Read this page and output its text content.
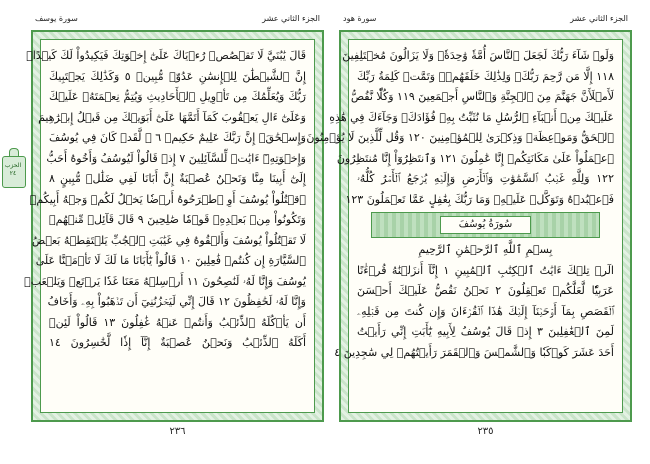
الجزء الثاني عشر
سورة يوسف
قَالَ يَٰبُنَيَّ لَا تَقۡصُصۡ رُءۡيَاكَ عَلَىٰٓ إِخۡوَتِكَ فَيَكِيدُواْ لَكَ كَيۡدًاۖ
إِنَّ ٱلشَّيۡطَٰنَ لِلۡإِنسَٰنِ عَدُوّٞ مُّبِينٞ ٥ وَكَذَٰلِكَ يَجۡتَبِيكَ
رَبُّكَ وَيُعَلِّمُكَ مِن تَأۡوِيلِ ٱلۡأَحَادِيثِ وَيُتِمُّ نِعۡمَتَهُۥ عَلَيۡكَ
وَعَلَىٰٓ ءَالِ يَعۡقُوبَ كَمَآ أَتَمَّهَا عَلَىٰٓ أَبَوَيۡكَ مِن قَبۡلُ إِبۡرَٰهِيمَ
وَإِسۡحَٰقَۚ إِنَّ رَبَّكَ عَلِيمٌ حَكِيمٞ ٦ ۞ لَّقَدۡ كَانَ فِي يُوسُفَ
وَإِخۡوَتِهِۦٓ ءَايَٰتٞ لِّلسَّآئِلِينَ ٧ إِذۡ قَالُواْ لَيُوسُفُ وَأَخُوهُ أَحَبُّ
إِلَىٰٓ أَبِينَا مِنَّا وَنَحۡنُ عُصۡبَةٌ إِنَّ أَبَانَا لَفِي ضَلَٰلٖ مُّبِينٍ ٨
ٱقۡتُلُواْ يُوسُفَ أَوِ ٱطۡرَحُوهُ أَرۡضٗا يَخۡلُ لَكُمۡ وَجۡهُ أَبِيكُمۡ
وَتَكُونُواْ مِنۢ بَعۡدِهِۦ قَوۡمٗا صَٰلِحِينَ ٩ قَالَ قَآئِلٞ مِّنۡهُمۡ
لَا تَقۡتُلُواْ يُوسُفَ وَأَلۡقُوهُ فِي غَيَٰبَتِ ٱلۡجُبِّ يَلۡتَقِطۡهُ بَعۡضُ
ٱلسَّيَّارَةِ إِن كُنتُمۡ فَٰعِلِينَ ١٠ قَالُواْ يَٰٓأَبَانَا مَا لَكَ لَا تَأۡمَ۫نَّا عَلَىٰ
يُوسُفَ وَإِنَّا لَهُۥ لَنَٰصِحُونَ ١١ أَرۡسِلۡهُ مَعَنَا غَدٗا يَرۡتَعۡ وَيَلۡعَبۡ
وَإِنَّا لَهُۥ لَحَٰفِظُونَ ١٢ قَالَ إِنِّي لَيَحۡزُنُنِيٓ أَن تَذۡهَبُواْ بِهِۦ وَأَخَافُ
أَن يَأۡكُلَهُ ٱلذِّئۡبُ وَأَنتُمۡ عَنۡهُ غَٰفِلُونَ ١٣ قَالُواْ لَئِنۡ
أَكَلَهُ ٱلذِّئۡبُ وَنَحۡنُ عُصۡبَةٌ إِنَّآ إِذٗا لَّخَٰسِرُونَ ١٤
٢٣٦
الحزب ٢٤
الجزء الثاني عشر
سورة هود
وَلَوۡ شَآءَ رَبُّكَ لَجَعَلَ ٱلنَّاسَ أُمَّةٗ وَٰحِدَةٗۖ وَلَا يَزَالُونَ مُخۡتَلِفِينَ
١١٨ إِلَّا مَن رَّحِمَ رَبُّكَۚ وَلِذَٰلِكَ خَلَقَهُمۡۗ وَتَمَّتۡ كَلِمَةُ رَبِّكَ
لَأَمۡلَأَنَّ جَهَنَّمَ مِنَ ٱلۡجِنَّةِ وَٱلنَّاسِ أَجۡمَعِينَ ١١٩ وَكُلّٗا نَّقُصُّ
عَلَيۡكَ مِنۡ أَنۢبَآءِ ٱلرُّسُلِ مَا نُثَبِّتُ بِهِۦ فُؤَادَكَۚ وَجَآءَكَ فِي هَٰذِهِ
ٱلۡحَقُّ وَمَوۡعِظَةٞ وَذِكۡرَىٰ لِلۡمُؤۡمِنِينَ ١٢٠ وَقُل لِّلَّذِينَ لَا يُؤۡمِنُونَ
ٱعۡمَلُواْ عَلَىٰ مَكَانَتِكُمۡ إِنَّا عَٰمِلُونَ ١٢١ وَٱنتَظِرُوٓاْ إِنَّا مُنتَظِرُونَ
١٢٢ وَلِلَّهِ غَيۡبُ ٱلسَّمَٰوَٰتِ وَٱلۡأَرۡضِ وَإِلَيۡهِ يُرۡجَعُ ٱلۡأَمۡرُ كُلُّهُۥ
فَٱعۡبُدۡهُ وَتَوَكَّلۡ عَلَيۡهِۚ وَمَا رَبُّكَ بِغَٰفِلٍ عَمَّا تَعۡمَلُونَ ١٢٣
سُورَةُ يُوسُفَ
بِسۡمِ ٱللَّهِ ٱلرَّحۡمَٰنِ ٱلرَّحِيمِ
الٓرۚ تِلۡكَ ءَايَٰتُ ٱلۡكِتَٰبِ ٱلۡمُبِينِ ١ إِنَّآ أَنزَلۡنَٰهُ قُرۡءَٰنًا
عَرَبِيّٗا لَّعَلَّكُمۡ تَعۡقِلُونَ ٢ نَحۡنُ نَقُصُّ عَلَيۡكَ أَحۡسَنَ
ٱلۡقَصَصِ بِمَآ أَوۡحَيۡنَآ إِلَيۡكَ هَٰذَا ٱلۡقُرۡءَانَ وَإِن كُنتَ مِن قَبۡلِهِۦ
لَمِنَ ٱلۡغَٰفِلِينَ ٣ إِذۡ قَالَ يُوسُفُ لِأَبِيهِ يَٰٓأَبَتِ إِنِّي رَأَيۡتُ
أَحَدَ عَشَرَ كَوۡكَبٗا وَٱلشَّمۡسَ وَٱلۡقَمَرَ رَأَيۡتُهُمۡ لِي سَٰجِدِينَ ٤
٢٣٥
